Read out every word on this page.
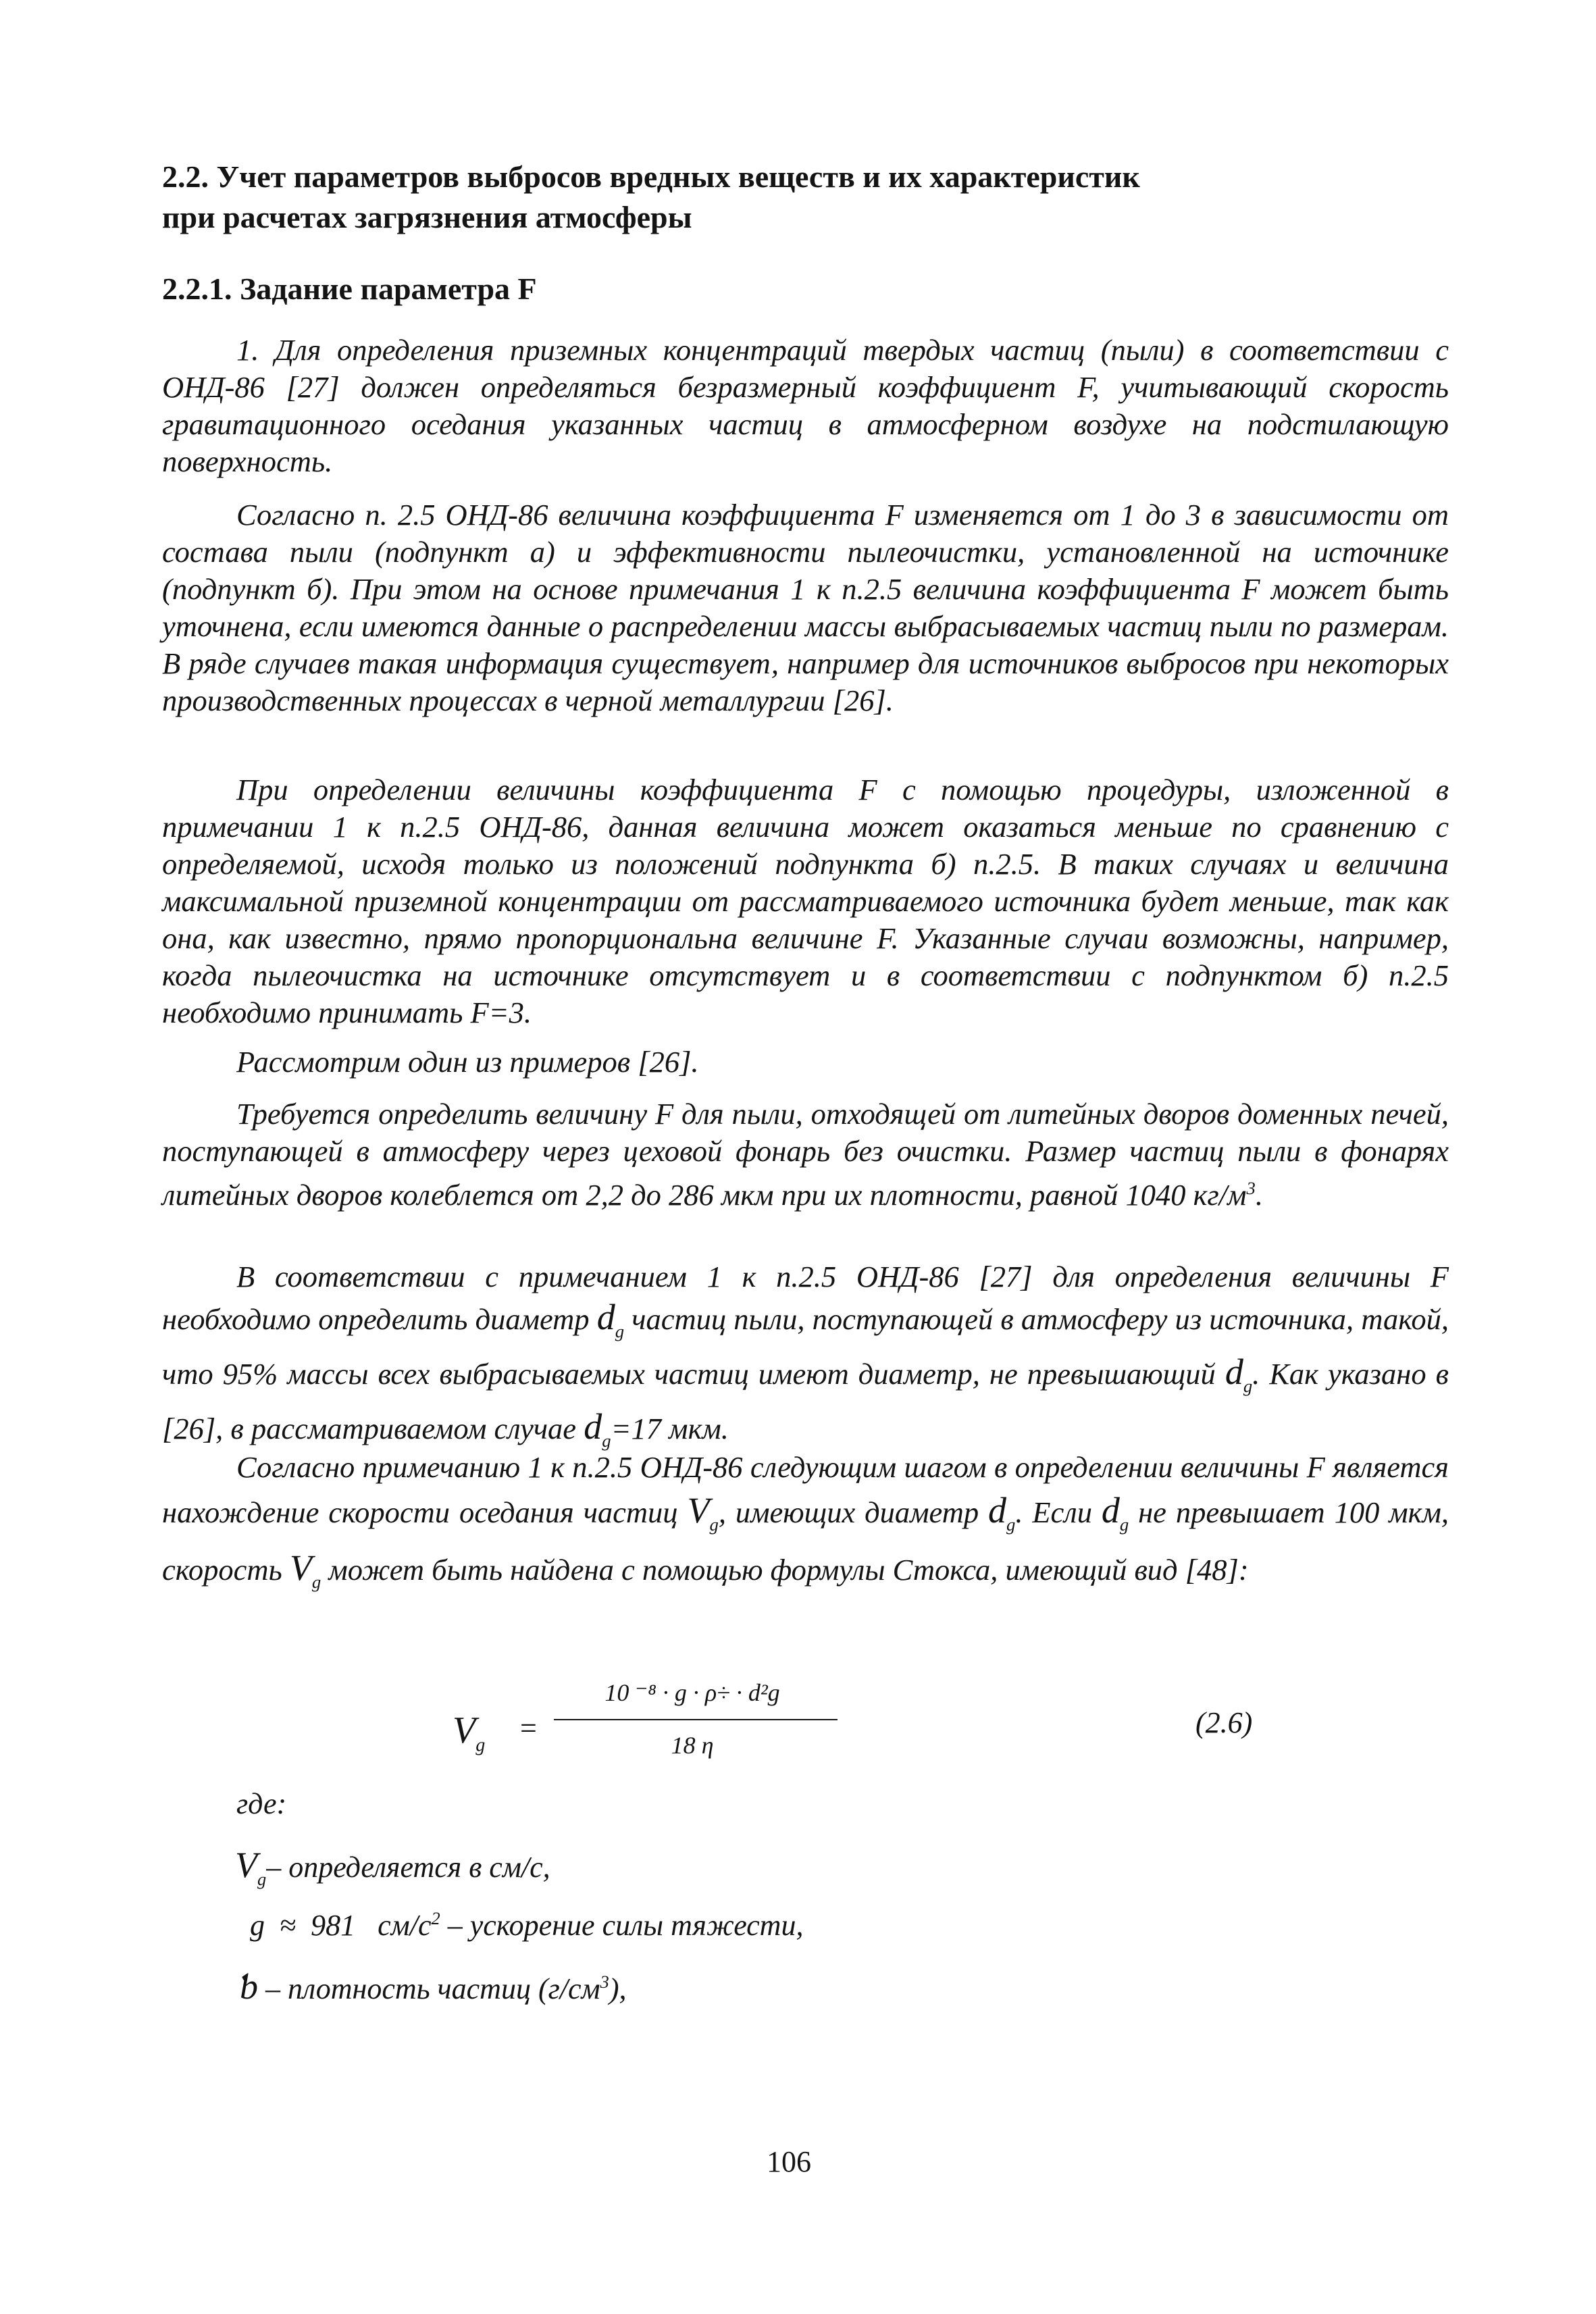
2.2. Учет параметров выбросов вредных веществ и их характеристик
при расчетах загрязнения атмосферы
2.2.1. Задание параметра F

1. Для определения приземных концентраций твердых частиц (пыли) в соответствии с ОНД-86 [27] должен определяться безразмерный коэффициент F, учитывающий скорость гравитационного оседания указанных частиц в атмосферном воздухе на подстилающую поверхность.

Согласно п. 2.5 ОНД-86 величина коэффициента F изменяется от 1 до 3 в зависимости от состава пыли (подпункт а) и эффективности пылеочистки, установленной на источнике (подпункт б). При этом на основе примечания 1 к п.2.5 величина коэффициента F может быть уточнена, если имеются данные о распределении массы выбрасываемых частиц пыли по размерам. В ряде случаев такая информация существует, например для источников выбросов при некоторых производственных процессах в черной металлургии [26].

При определении величины коэффициента F с помощью процедуры, изложенной в примечании 1 к п.2.5 ОНД-86, данная величина может оказаться меньше по сравнению с определяемой, исходя только из положений подпункта б) п.2.5. В таких случаях и величина максимальной приземной концентрации от рассматриваемого источника будет меньше, так как она, как известно, прямо пропорциональна величине F. Указанные случаи возможны, например, когда пылеочистка на источнике отсутствует и в соответствии с подпунктом б) п.2.5 необходимо принимать F=3.

Рассмотрим один из примеров [26].

Требуется определить величину F для пыли, отходящей от литейных дворов доменных печей, поступающей в атмосферу через цеховой фонарь без очистки. Размер частиц пыли в фонарях литейных дворов колеблется от 2,2 до 286 мкм при их плотности, равной 1040 $кг/м^3$.

В соответствии с примечанием 1 к п.2.5 ОНД-86 [27] для определения величины F необходимо определить диаметр $d_g$ частиц пыли, поступающей в атмосферу из источника, такой, что 95% массы всех выбрасываемых частиц имеют диаметр, не превышающий $d_g$. Как указано в [26], в рассматриваемом случае $d_g=17$ мкм.

Согласно примечанию 1 к п.2.5 ОНД-86 следующим шагом в определении величины F является нахождение скорости оседания частиц $V_g$, имеющих диаметр $d_g$. Если $d_g$ не превышает 100 мкм, скорость $V_g$ может быть найдена с помощью формулы Стокса, имеющий вид [48]:

$V_g$
=
10 ⁻⁸ · g · ρ÷ · d²g
18 η
(2.6)
где:
$V_g-$ определяется в см/с,
g  ≈  981   $см/с^2$ – ускорение силы тяжести,
ƅ – плотность частиц $(г/см^3)$,
106
